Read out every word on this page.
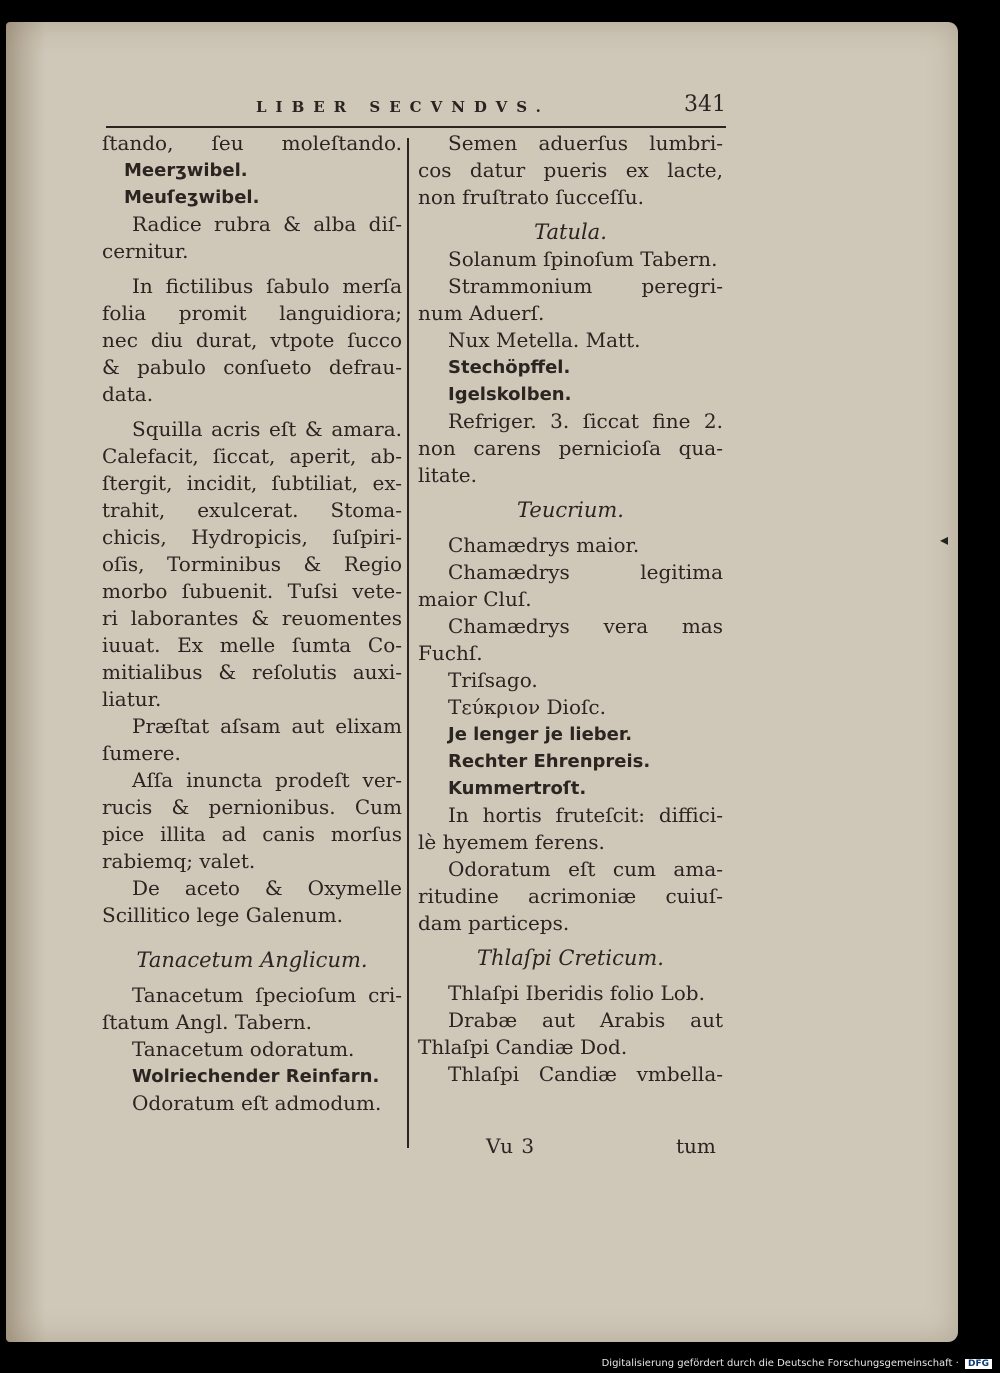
LIBER SECVNDVS.	341
ſtando, ſeu moleſtando.
Meerʒwibel.
Meuſeʒwibel.
Radice rubra & alba diſ-
cernitur.
In fictilibus ſabulo merſa
folia promit languidiora;
nec diu durat, vtpote ſucco
& pabulo conſueto defrau-
data.
Squilla acris eſt & amara.
Calefacit, ſiccat, aperit, ab-
ſtergit, incidit, ſubtiliat, ex-
trahit, exulcerat. Stoma-
chicis, Hydropicis, ſuſpiri-
oſis, Torminibus & Regio
morbo ſubuenit. Tuſsi vete-
ri laborantes & reuomentes
iuuat. Ex melle ſumta Co-
mitialibus & reſolutis auxi-
liatur.
Præſtat aſsam aut elixam
ſumere.
Aſſa inuncta prodeſt ver-
rucis & pernionibus. Cum
pice illita ad canis morſus
rabiemq; valet.
De aceto & Oxymelle
Scillitico lege Galenum.
Tanacetum Anglicum.
Tanacetum ſpecioſum cri-
ſtatum Angl. Tabern.
Tanacetum odoratum.
Wolriechender Reinfarn.
Odoratum eſt admodum.
Semen aduerſus lumbri-
cos datur pueris ex lacte,
non fruſtrato ſucceſſu.
Tatula.
Solanum ſpinoſum Tabern.
Strammonium peregri-
num Aduerſ.
Nux Metella. Matt.
Stechöpffel.
Igelskolben.
Refriger. 3. ſiccat fine 2.
non carens pernicioſa qua-
litate.
Teucrium.
Chamædrys maior.
Chamædrys legitima
maior Cluſ.
Chamædrys vera mas
Fuchſ.
Triſsago.
Τεύκριον Dioſc.
Je lenger je lieber.
Rechter Ehrenpreis.
Kummertroſt.
In hortis fruteſcit: diffici-
lè hyemem ferens.
Odoratum eſt cum ama-
ritudine acrimoniæ cuiuſ-
dam particeps.
Thlaſpi Creticum.
Thlaſpi Iberidis folio Lob.
Drabæ aut Arabis aut
Thlaſpi Candiæ Dod.
Thlaſpi Candiæ vmbella-
◂
Vu 3	tum
Digitalisierung gefördert durch die Deutsche Forschungsgemeinschaft · DFG
